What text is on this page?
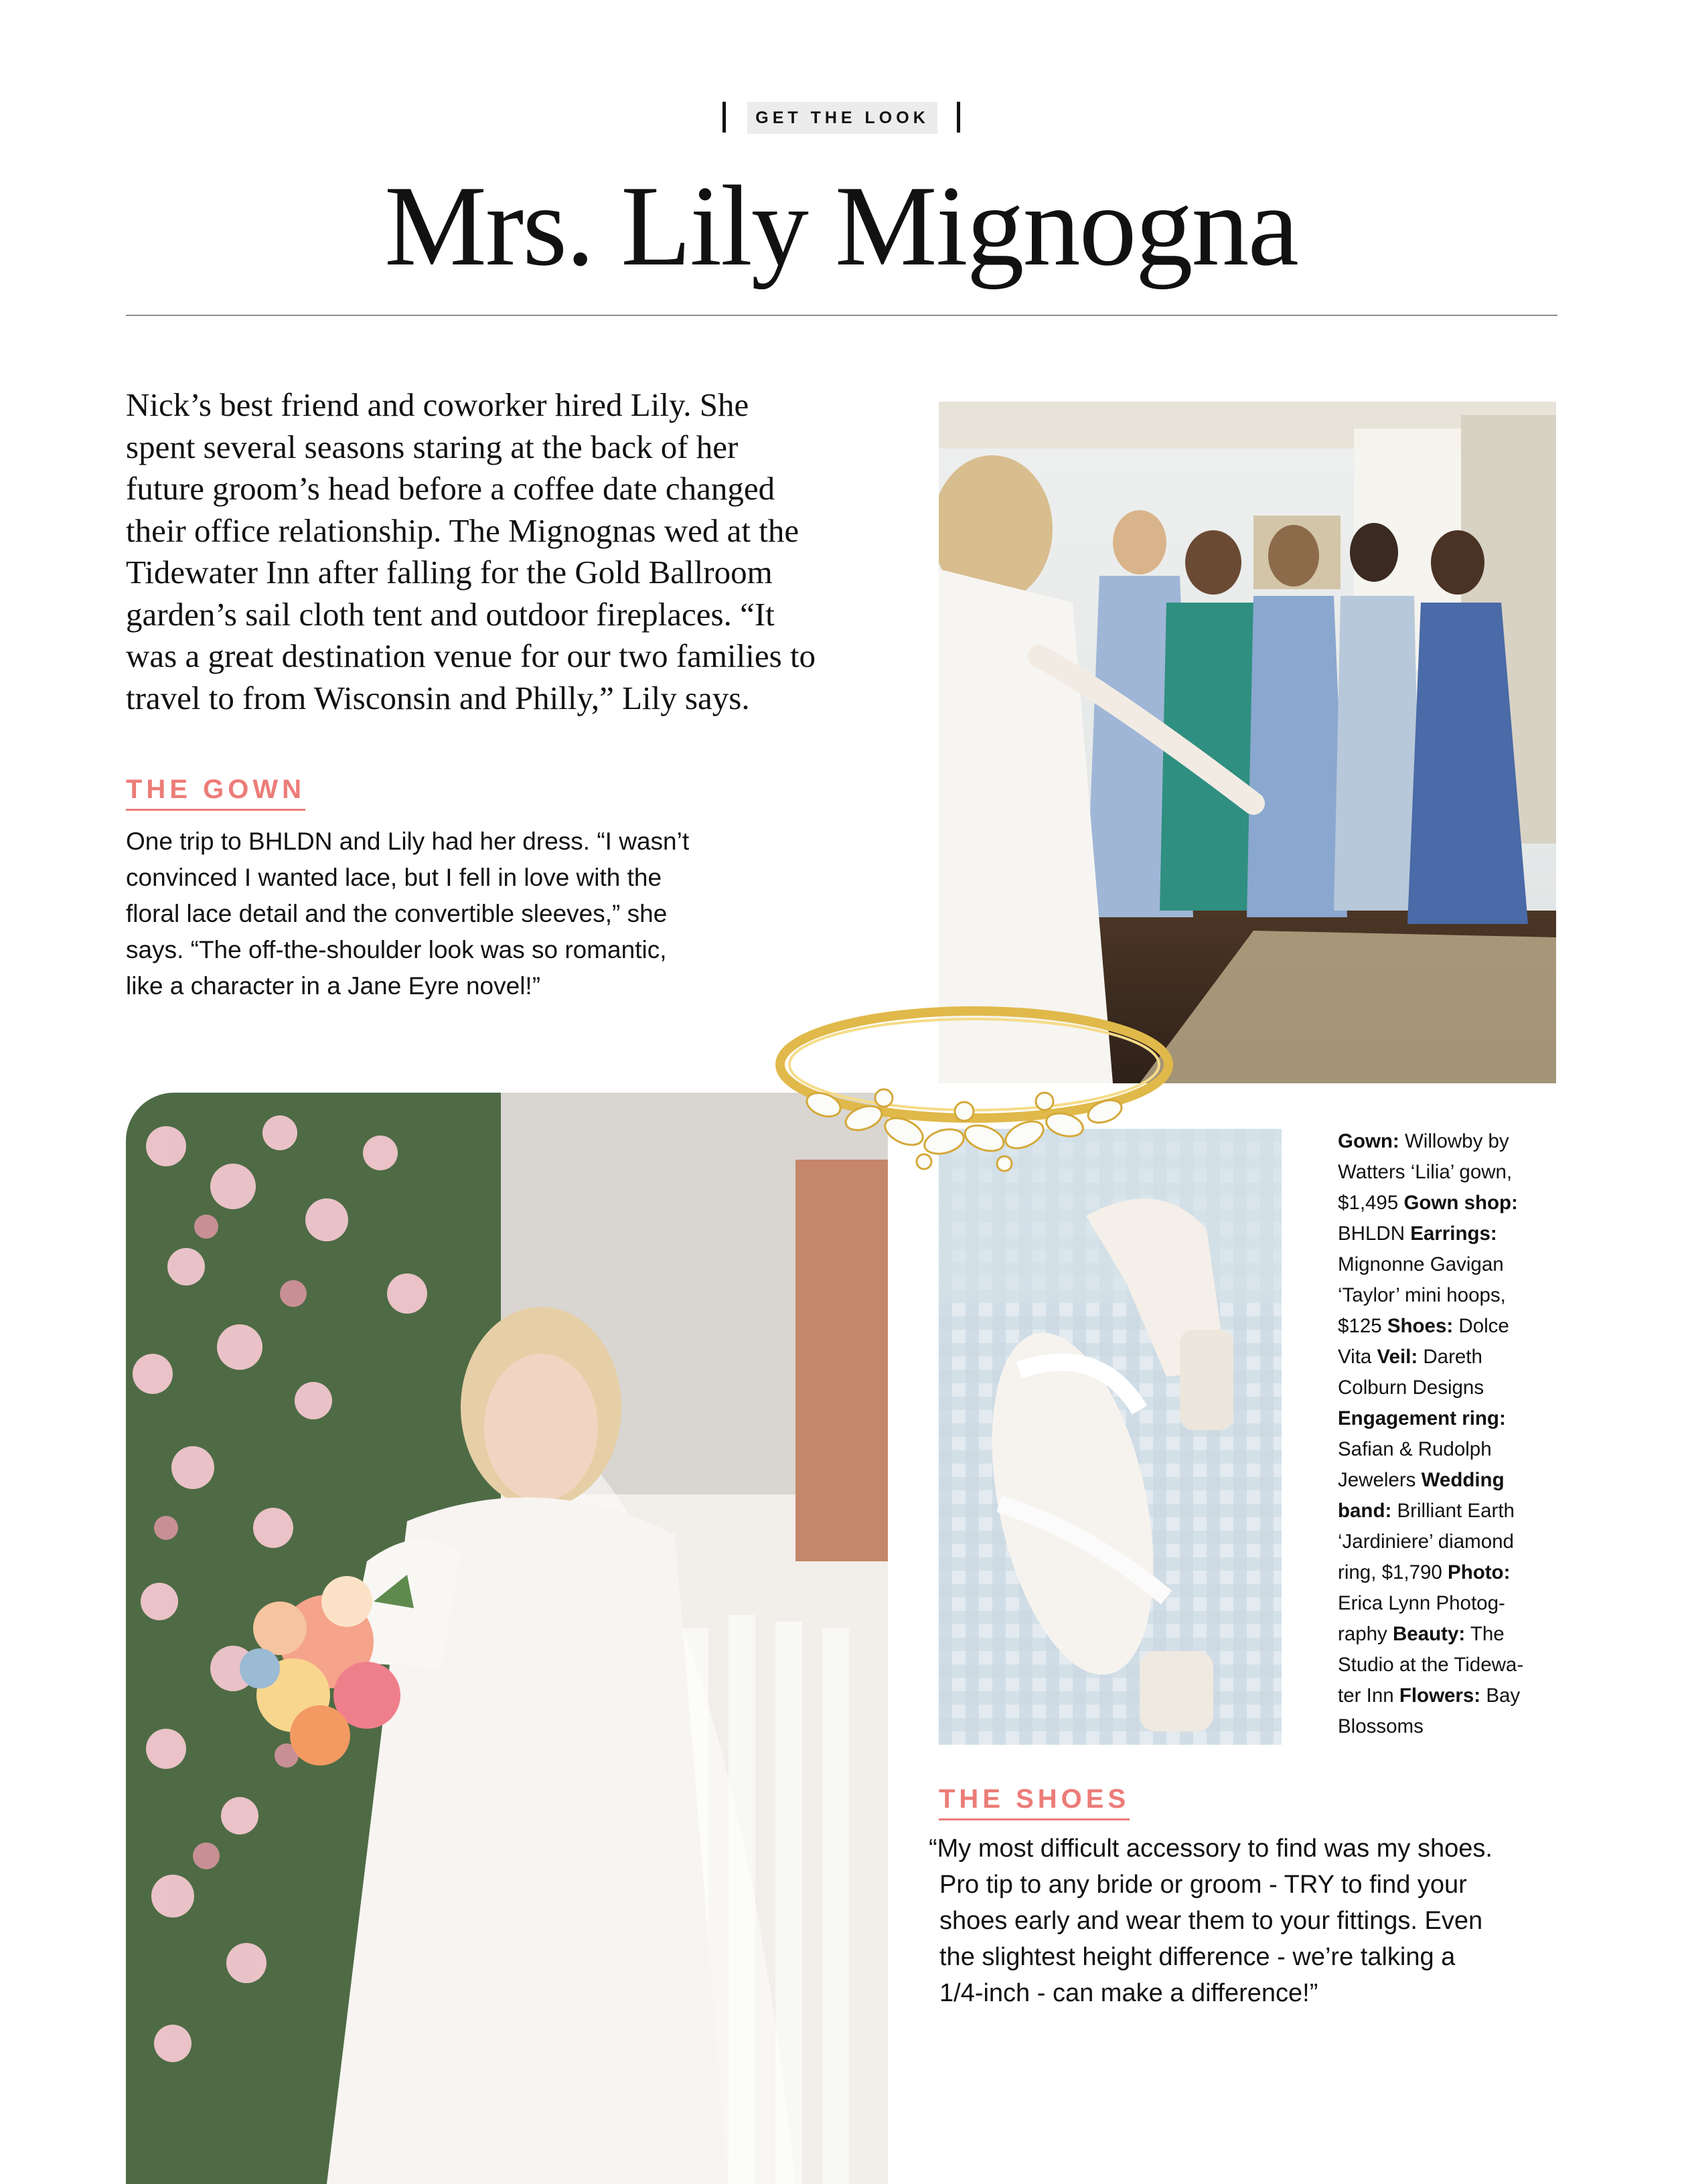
GET THE LOOK
Mrs. Lily Mignogna
Nick’s best friend and coworker hired Lily. She
spent several seasons staring at the back of her
future groom’s head before a coffee date changed
their office relationship. The Mignognas wed at the
Tidewater Inn after falling for the Gold Ballroom
garden’s sail cloth tent and outdoor fireplaces. “It
was a great destination venue for our two families to
travel to from Wisconsin and Philly,” Lily says.
THE GOWN
One trip to BHLDN and Lily had her dress. “I wasn’t
convinced I wanted lace, but I fell in love with the
floral lace detail and the convertible sleeves,” she
says. “The off-the-shoulder look was so romantic,
like a character in a Jane Eyre novel!”
Gown: Willowby by
Watters ‘Lilia’ gown,
$1,495 Gown shop:
BHLDN Earrings:
Mignonne Gavigan
‘Taylor’ mini hoops,
$125 Shoes: Dolce
Vita Veil: Dareth
Colburn Designs
Engagement ring:
Safian & Rudolph
Jewelers Wedding
band: Brilliant Earth
‘Jardiniere’ diamond
ring, $1,790 Photo:
Erica Lynn Photog-
raphy Beauty: The
Studio at the Tidewa-
ter Inn Flowers: Bay
Blossoms
THE SHOES
“My most difficult accessory to find was my shoes.
Pro tip to any bride or groom - TRY to find your
shoes early and wear them to your fittings. Even
the slightest height difference - we’re talking a
1/4-inch - can make a difference!”
